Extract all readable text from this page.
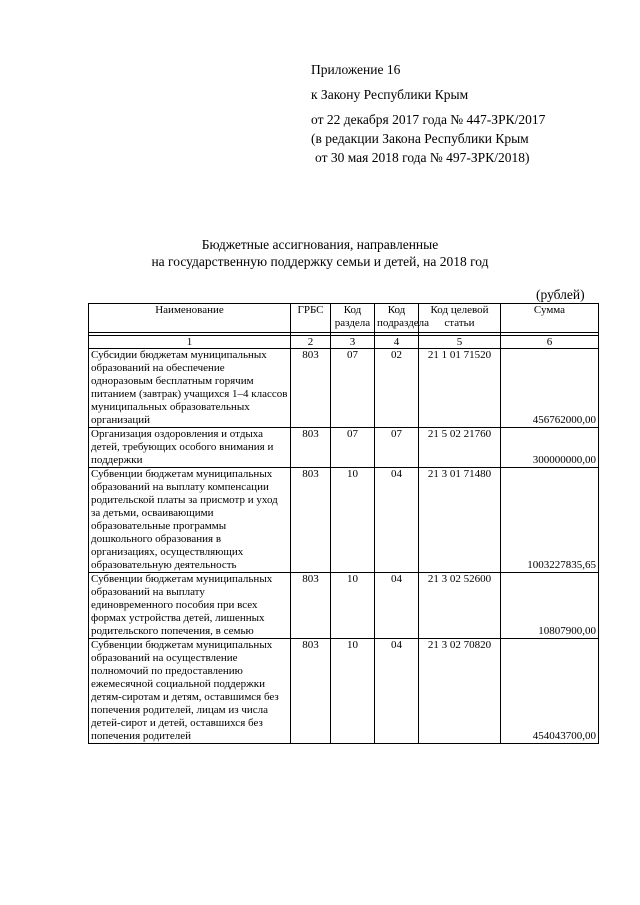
Приложение 16
к Закону Республики Крым
от 22 декабря 2017 года № 447-ЗРК/2017
(в редакции Закона Республики Крым
от 30 мая 2018 года № 497-ЗРК/2018)
Бюджетные ассигнования, направленные
на государственную поддержку семьи и детей, на 2018 год
(рублей)
Наименование	ГРБС	Код раздела	Код подраздела	Код целевой статьи	Сумма

1	2	3	4	5	6
Субсидии бюджетам муниципальных образований на обеспечение одноразовым бесплатным горячим питанием (завтрак) учащихся 1–4 классов муниципальных образовательных организаций	803	07	02	21 1 01 71520	456762000,00
Организация оздоровления и отдыха детей, требующих особого внимания и поддержки	803	07	07	21 5 02 21760	300000000,00
Субвенции бюджетам муниципальных образований на выплату компенсации родительской платы за присмотр и уход за детьми, осваивающими образовательные программы дошкольного образования в организациях, осуществляющих образовательную деятельность	803	10	04	21 3 01 71480	1003227835,65
Субвенции бюджетам муниципальных образований на выплату единовременного пособия при всех формах устройства детей, лишенных родительского попечения, в семью	803	10	04	21 3 02 52600	10807900,00
Субвенции бюджетам муниципальных образований на осуществление полномочий по предоставлению ежемесячной социальной поддержки детям-сиротам и детям, оставшимся без попечения родителей, лицам из числа детей-сирот и детей, оставшихся без попечения родителей	803	10	04	21 3 02 70820	454043700,00
